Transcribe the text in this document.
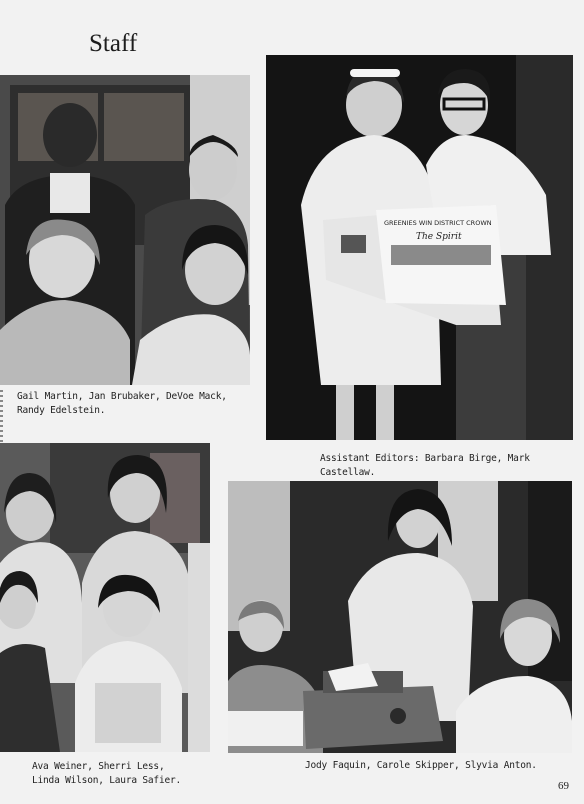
Staff
Gail Martin, Jan Brubaker, DeVoe Mack,
Randy Edelstein.
GREENIES WIN DISTRICT CROWN
The Spirit
Assistant Editors: Barbara Birge, Mark Castellaw.
Ava Weiner, Sherri Less,
Linda Wilson, Laura Safier.
Jody Faquin, Carole Skipper, Slyvia Anton.
69
